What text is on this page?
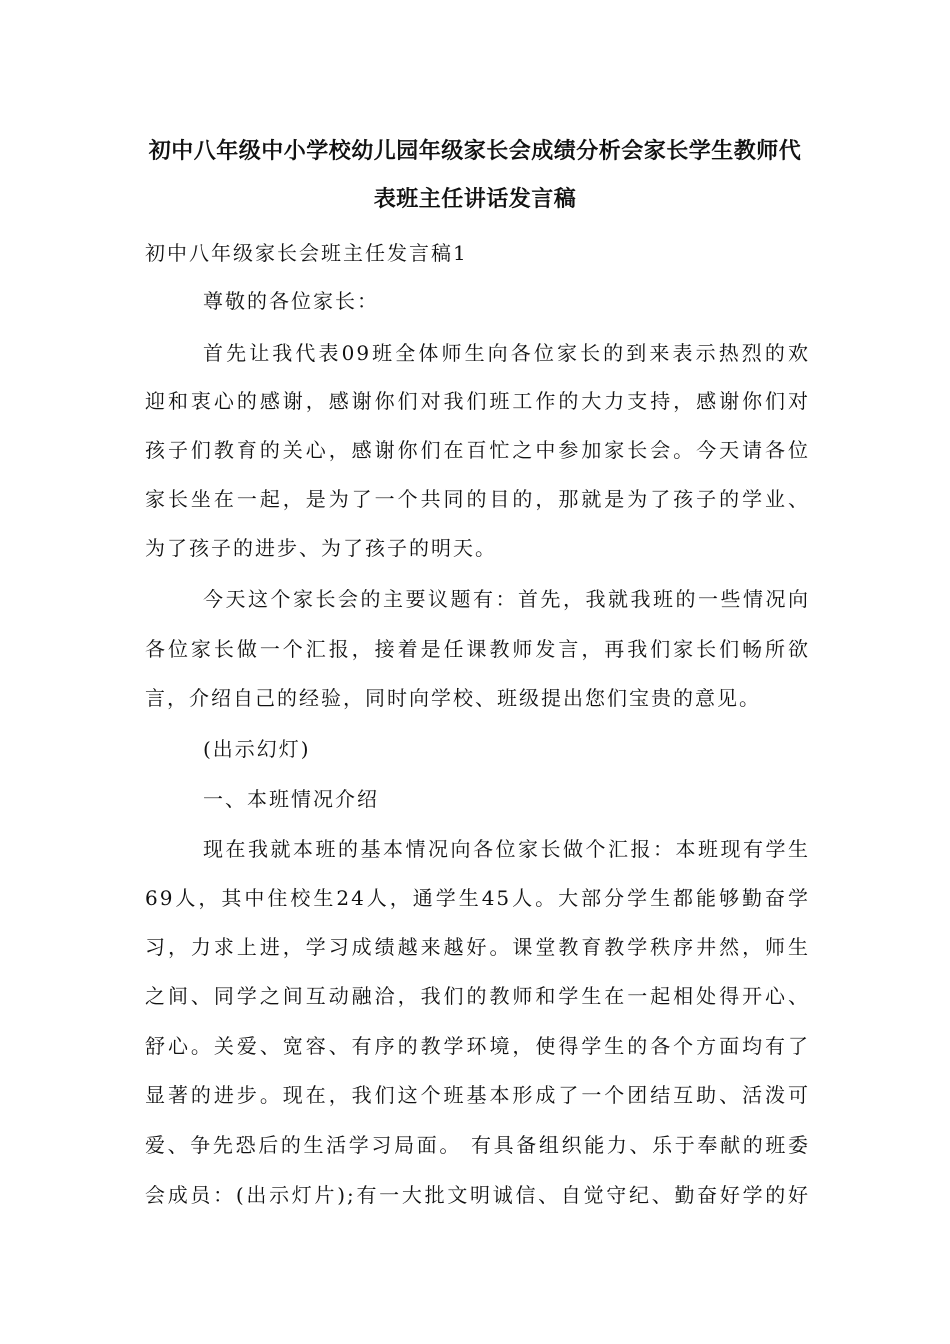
初中八年级中小学校幼儿园年级家长会成绩分析会家长学生教师代
表班主任讲话发言稿
初中八年级家长会班主任发言稿1
尊敬的各位家长：
首先让我代表09班全体师生向各位家长的到来表示热烈的欢
迎和衷心的感谢，感谢你们对我们班工作的大力支持，感谢你们对
孩子们教育的关心，感谢你们在百忙之中参加家长会。今天请各位
家长坐在一起，是为了一个共同的目的，那就是为了孩子的学业、
为了孩子的进步、为了孩子的明天。
今天这个家长会的主要议题有：首先，我就我班的一些情况向
各位家长做一个汇报，接着是任课教师发言，再我们家长们畅所欲
言，介绍自己的经验，同时向学校、班级提出您们宝贵的意见。
(出示幻灯)
一、本班情况介绍
现在我就本班的基本情况向各位家长做个汇报：本班现有学生
69人，其中住校生24人，通学生45人。大部分学生都能够勤奋学
习，力求上进，学习成绩越来越好。课堂教育教学秩序井然，师生
之间、同学之间互动融洽，我们的教师和学生在一起相处得开心、
舒心。关爱、宽容、有序的教学环境，使得学生的各个方面均有了
显著的进步。现在，我们这个班基本形成了一个团结互助、活泼可
爱、争先恐后的生活学习局面。 有具备组织能力、乐于奉献的班委
会成员：(出示灯片);有一大批文明诚信、自觉守纪、勤奋好学的好
